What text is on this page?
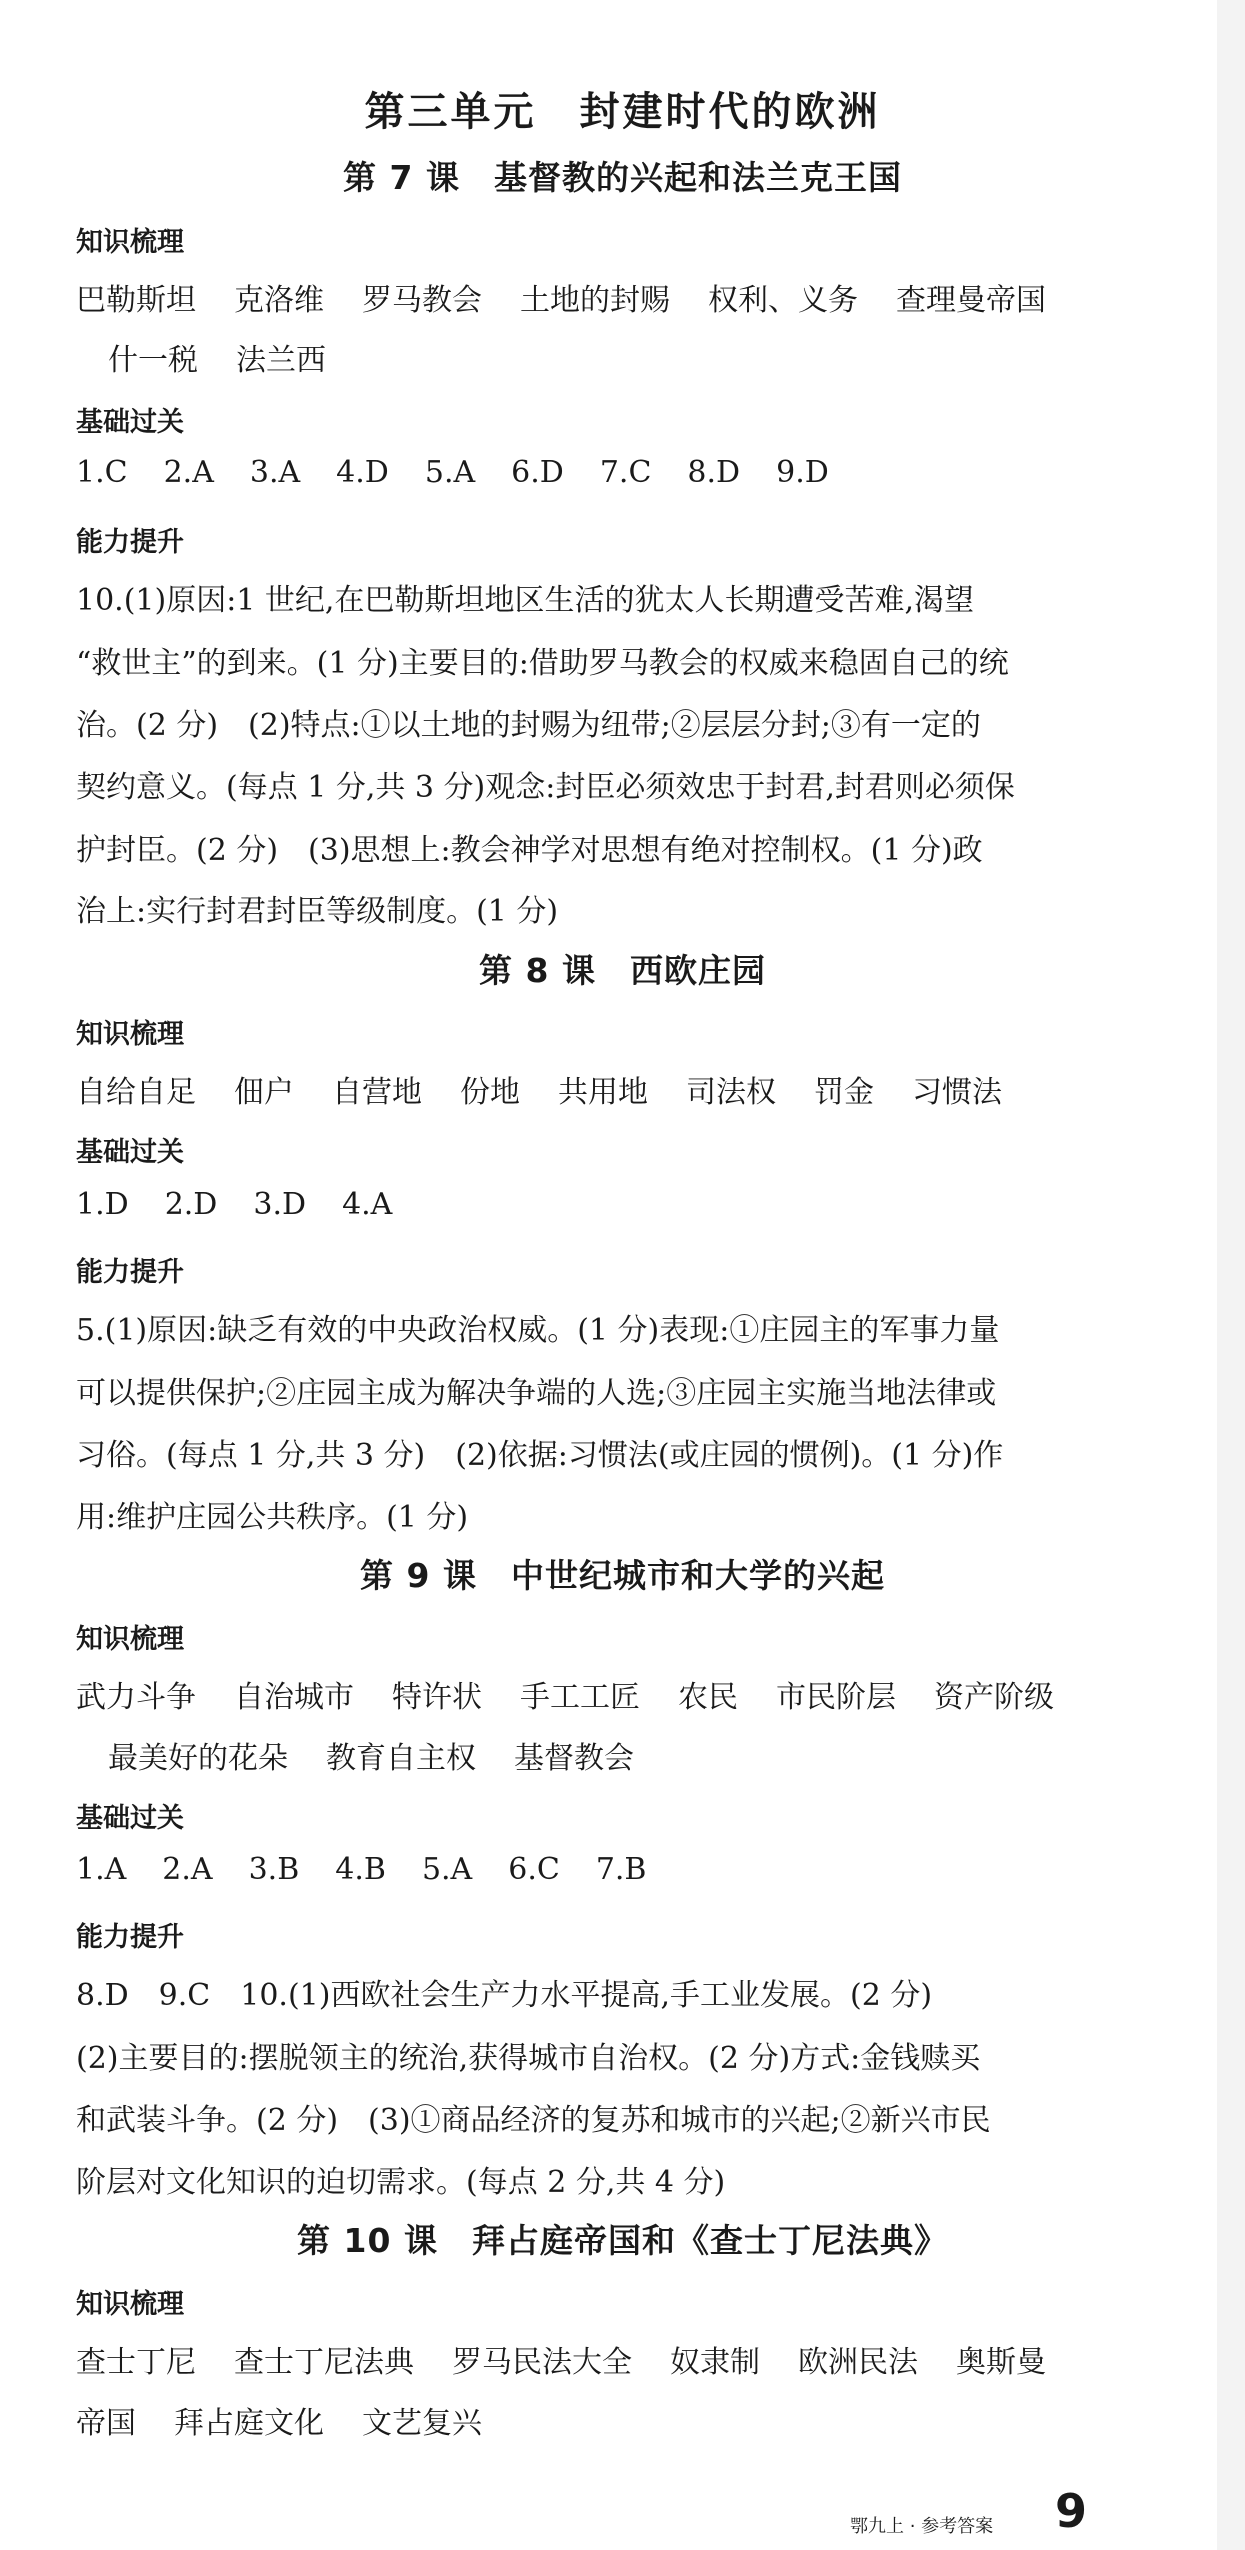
第三单元　封建时代的欧洲
第 7 课 基督教的兴起和法兰克王国
知识梳理
巴勒斯坦 克洛维 罗马教会 土地的封赐 权利、义务 查理曼帝国
什一税 法兰西
基础过关
1.C 2.A 3.A 4.D 5.A 6.D 7.C 8.D 9.D
能力提升
10.(1)原因:1 世纪,在巴勒斯坦地区生活的犹太人长期遭受苦难,渴望
“救世主”的到来。(1 分)主要目的:借助罗马教会的权威来稳固自己的统
治。(2 分)　(2)特点:①以土地的封赐为纽带;②层层分封;③有一定的
契约意义。(每点 1 分,共 3 分)观念:封臣必须效忠于封君,封君则必须保
护封臣。(2 分)　(3)思想上:教会神学对思想有绝对控制权。(1 分)政
治上:实行封君封臣等级制度。(1 分)
第 8 课 西欧庄园
知识梳理
自给自足 佃户 自营地 份地 共用地 司法权 罚金 习惯法
基础过关
1.D 2.D 3.D 4.A
能力提升
5.(1)原因:缺乏有效的中央政治权威。(1 分)表现:①庄园主的军事力量
可以提供保护;②庄园主成为解决争端的人选;③庄园主实施当地法律或
习俗。(每点 1 分,共 3 分)　(2)依据:习惯法(或庄园的惯例)。(1 分)作
用:维护庄园公共秩序。(1 分)
第 9 课 中世纪城市和大学的兴起
知识梳理
武力斗争 自治城市 特许状 手工工匠 农民 市民阶层 资产阶级
最美好的花朵 教育自主权 基督教会
基础过关
1.A 2.A 3.B 4.B 5.A 6.C 7.B
能力提升
8.D　9.C　10.(1)西欧社会生产力水平提高,手工业发展。(2 分)
(2)主要目的:摆脱领主的统治,获得城市自治权。(2 分)方式:金钱赎买
和武装斗争。(2 分)　(3)①商品经济的复苏和城市的兴起;②新兴市民
阶层对文化知识的迫切需求。(每点 2 分,共 4 分)
第 10 课 拜占庭帝国和《查士丁尼法典》
知识梳理
查士丁尼 查士丁尼法典 罗马民法大全 奴隶制 欧洲民法 奥斯曼
帝国 拜占庭文化 文艺复兴
鄂九上 · 参考答案 9
